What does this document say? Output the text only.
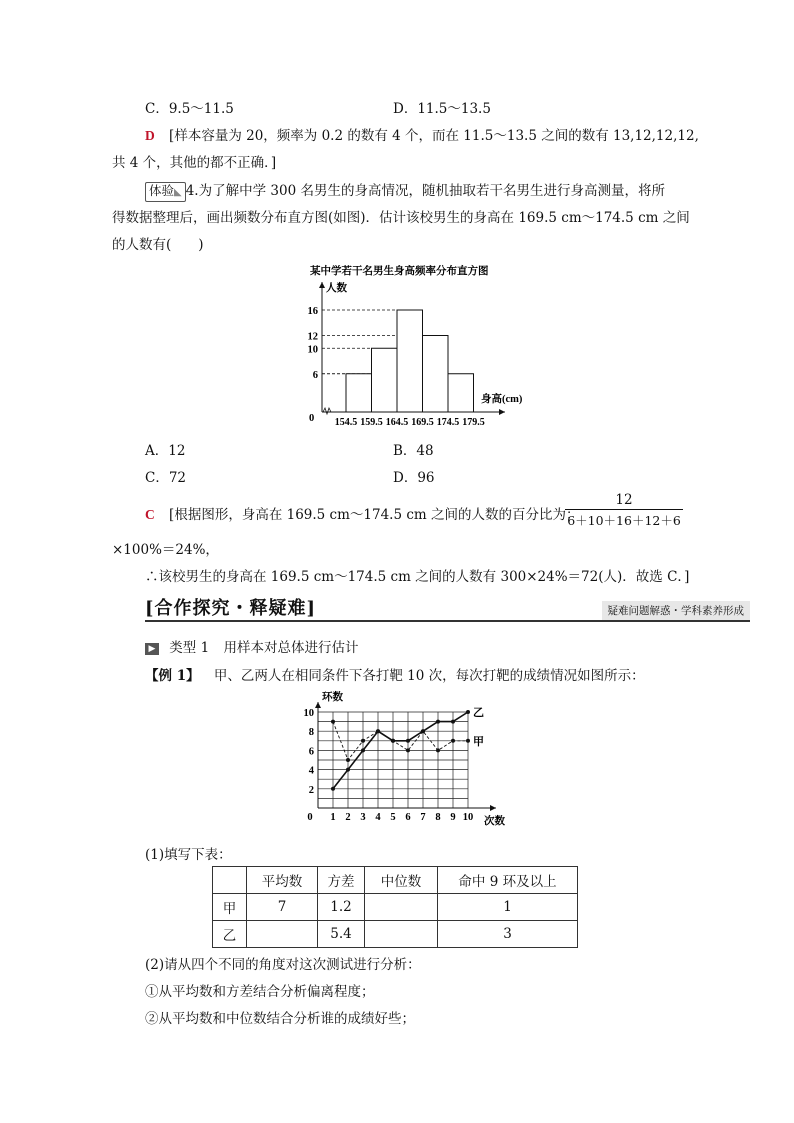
C．9.5～11.5	D．11.5～13.5
D [样本容量为 20，频率为 0.2 的数有 4 个，而在 11.5～13.5 之间的数有 13,12,12,12,
共 4 个，其他的都不正确．]
体验◣ 4.为了解中学 300 名男生的身高情况，随机抽取若干名男生进行身高测量，将所
得数据整理后，画出频数分布直方图(如图)．估计该校男生的身高在 169.5 cm～174.5 cm 之间
的人数有(　　)
某中学若干名男生身高频率分布直方图
人数
身高(cm)
0
6
10
12
16
154.5 159.5 164.5 169.5 174.5 179.5
A．12	B．48
C．72	D．96
C [根据图形，身高在 169.5 cm～174.5 cm 之间的人数的百分比为：
12
6＋10＋16＋12＋6
×100%＝24%，
∴该校男生的身高在 169.5 cm～174.5 cm 之间的人数有 300×24%＝72(人)．故选 C．]
[合作探究・释疑难]	疑难问题解惑・学科素养形成
▶ 类型 1 用样本对总体进行估计
【例 1】 甲、乙两人在相同条件下各打靶 10 次，每次打靶的成绩情况如图所示：
环数
次数
0
2
4
6
8
10
1 2 3 4 5 6 7 8 9 10
乙
甲
(1)填写下表：
	平均数	方差	中位数	命中 9 环及以上
甲	7	1.2		1
乙		5.4		3
(2)请从四个不同的角度对这次测试进行分析：
①从平均数和方差结合分析偏离程度；
②从平均数和中位数结合分析谁的成绩好些；
